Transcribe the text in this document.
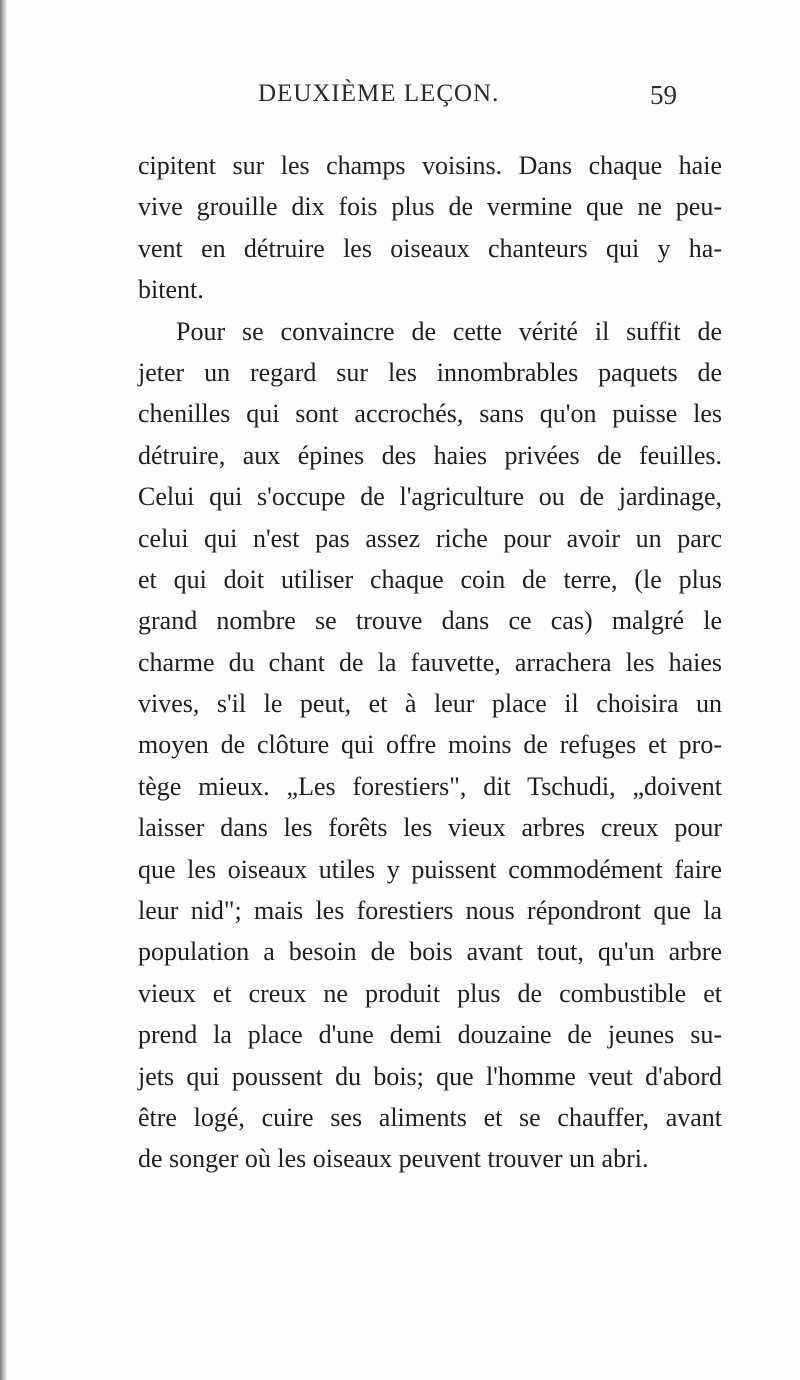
DEUXIÈME LEÇON.	59
cipitent sur les champs voisins. Dans chaque haie
vive grouille dix fois plus de vermine que ne peu-
vent en détruire les oiseaux chanteurs qui y ha-
bitent.
Pour se convaincre de cette vérité il suffit de
jeter un regard sur les innombrables paquets de
chenilles qui sont accrochés, sans qu'on puisse les
détruire, aux épines des haies privées de feuilles.
Celui qui s'occupe de l'agriculture ou de jardinage,
celui qui n'est pas assez riche pour avoir un parc
et qui doit utiliser chaque coin de terre, (le plus
grand nombre se trouve dans ce cas) malgré le
charme du chant de la fauvette, arrachera les haies
vives, s'il le peut, et à leur place il choisira un
moyen de clôture qui offre moins de refuges et pro-
tège mieux. „Les forestiers", dit Tschudi, „doivent
laisser dans les forêts les vieux arbres creux pour
que les oiseaux utiles y puissent commodément faire
leur nid"; mais les forestiers nous répondront que la
population a besoin de bois avant tout, qu'un arbre
vieux et creux ne produit plus de combustible et
prend la place d'une demi douzaine de jeunes su-
jets qui poussent du bois; que l'homme veut d'abord
être logé, cuire ses aliments et se chauffer, avant
de songer où les oiseaux peuvent trouver un abri.
